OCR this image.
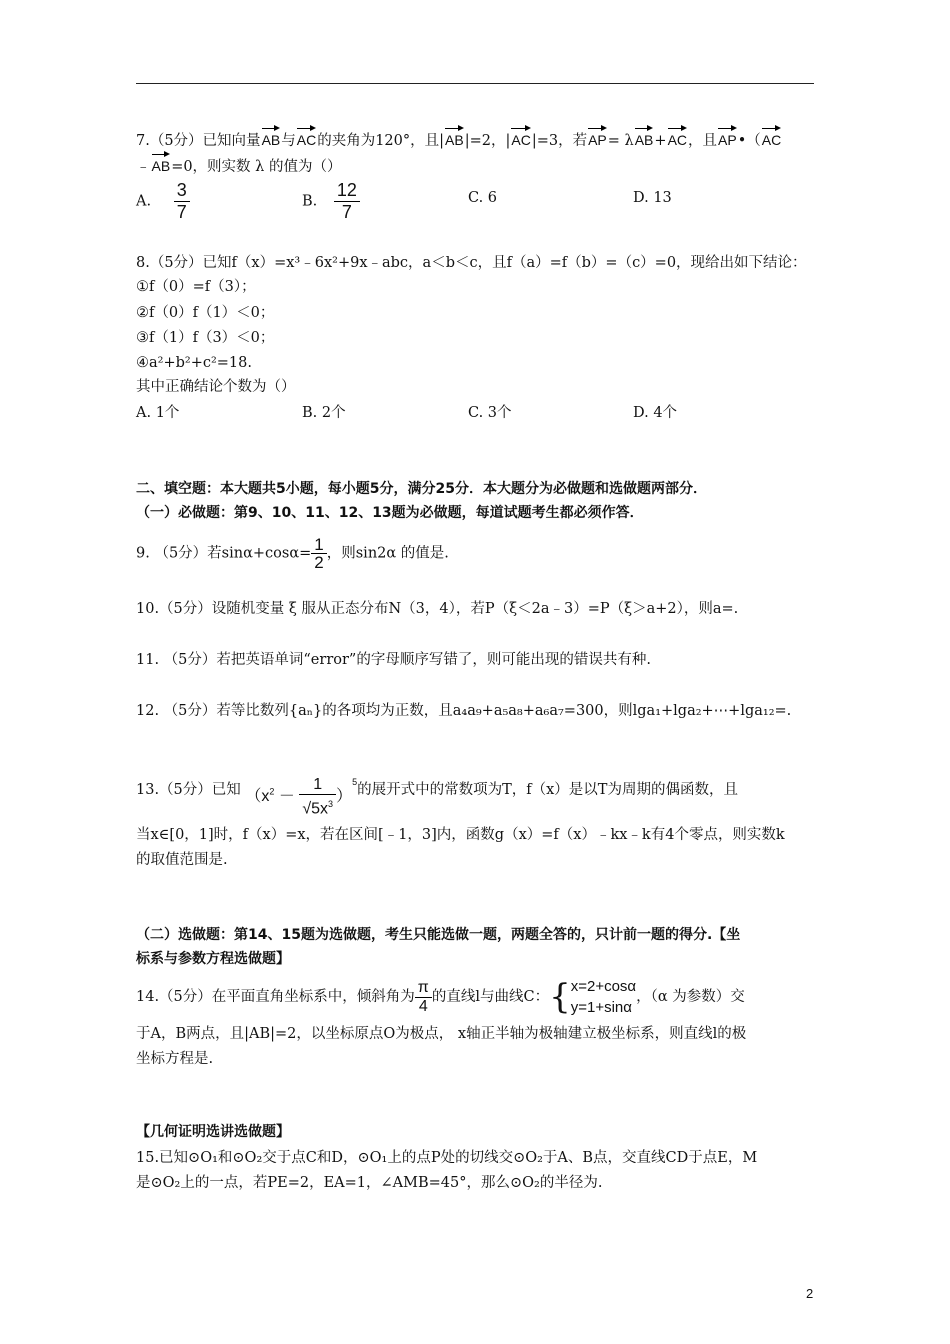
7.（5分）已知向量AB与AC的夹角为120°，且|AB|=2，|AC|=3，若AP= λAB+AC，且AP•（AC
﹣AB=0，则实数 λ 的值为（）
A. $\frac{3}{7}$	B. $\frac{12}{7}$	C. 6	D. 13
8.（5分）已知f（x）=x³﹣6x²+9x﹣abc，a＜b＜c，且f（a）=f（b）=（c）=0，现给出如下结论：
①f（0）=f（3）；
②f（0）f（1）＜0；
③f（1）f（3）＜0；
④a²+b²+c²=18.
其中正确结论个数为（）
A. 1个	B. 2个	C. 3个	D. 4个
二、填空题：本大题共5小题，每小题5分，满分25分．本大题分为必做题和选做题两部分．
（一）必做题：第9、10、11、12、13题为必做题，每道试题考生都必须作答．
9. （5分）若$\sin\alpha+\cos\alpha= \frac{1}{2}$ ，则sin2α 的值是.
10.（5分）设随机变量 ξ 服从正态分布N（3，4），若P（ξ＜2a﹣3）=P（ξ＞a+2），则a=.
11. （5分）若把英语单词“error”的字母顺序写错了，则可能出现的错误共有种.
12. （5分）若等比数列{aₙ}的各项均为正数，且a₄a₉+a₅a₈+a₆a₇=300，则lga₁+lga₂+⋯+lga₁₂=.
13.（5分）已知 $(x^2 - \frac{1}{√5x^3} )^5$的展开式中的常数项为T，f（x）是以T为周期的偶函数，且
当x∈[0，1]时，f（x）=x，若在区间[﹣1，3]内，函数g（x）=f（x）﹣kx﹣k有4个零点，则实数k
的取值范围是.
（二）选做题：第14、15题为选做题，考生只能选做一题，两题全答的，只计前一题的得分.【坐
标系与参数方程选做题】
14.（5分）在平面直角坐标系中，倾斜角为 $\frac{\pi}{4}$ 的直线l与曲线C：{ x=2+cosα
y=1+sinα
，（α 为参数）交
于A，B两点，且|AB|=2，以坐标原点O为极点， x轴正半轴为极轴建立极坐标系，则直线l的极
坐标方程是.
【几何证明选讲选做题】
15.已知⊙O₁和⊙O₂交于点C和D，⊙O₁上的点P处的切线交⊙O₂于A、B点，交直线CD于点E，M
是⊙O₂上的一点，若PE=2，EA=1，∠AMB=45°，那么⊙O₂的半径为.
2
